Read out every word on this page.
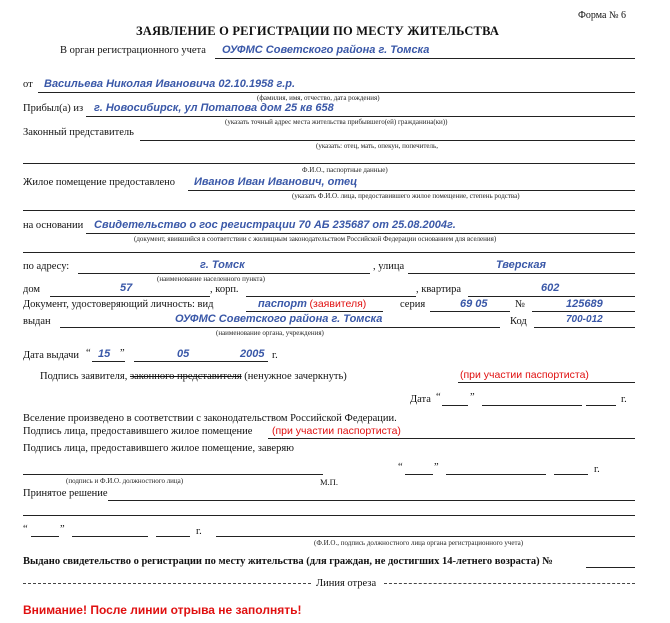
Форма № 6
ЗАЯВЛЕНИЕ О РЕГИСТРАЦИИ ПО МЕСТУ ЖИТЕЛЬСТВА
В орган регистрационного учета ОУФМС Советского района г. Томска
от Васильева Николая Ивановича 02.10.1958 г.р.
(фамилия, имя, отчество, дата рождения)
Прибыл(а) из г. Новосибирск, ул Потапова дом 25 кв 658
(указать точный адрес места жительства прибывшего(ей) гражданина(ки))
Законный представитель
(указать: отец, мать, опекун, попечитель,
Ф.И.О., паспортные данные)
Жилое помещение предоставлено Иванов Иван Иванович, отец
(указать Ф.И.О. лица, предоставившего жилое помещение, степень родства)
на основании Свидетельство о гос регистрации 70 АБ 235687 от 25.08.2004г.
(документ, явившийся в соответствии с жилищным законодательством Российской Федерации основанием для вселения)
по адресу:	г. Томск
(наименование населенного пункта)
, улица	Тверская
дом	57	, корп.	, квартира	602
Документ, удостоверяющий личность: вид	паспорт (заявителя)	серия	69 05	№	125689
выдан	ОУФМС Советского района г. Томска
(наименование органа, учреждения)
Код	700-012
Дата выдачи “ 15 ”	05	2005 г.
Подпись заявителя, законного представителя (ненужное зачеркнуть)	(при участии паспортиста)
Дата “	”	г.
Вселение произведено в соответствии с законодательством Российской Федерации.
Подпись лица, предоставившего жилое помещение (при участии паспортиста)
Подпись лица, предоставившего жилое помещение, заверяю
“	”	г.
(подпись и Ф.И.О. должностного лица)	М.П.
Принятое решение
“	”	г.
(Ф.И.О., подпись должностного лица органа регистрационного учета)
Выдано свидетельство о регистрации по месту жительства (для граждан, не достигших 14-летнего возраста) №
Линия отреза
Внимание! После линии отрыва не заполнять!
